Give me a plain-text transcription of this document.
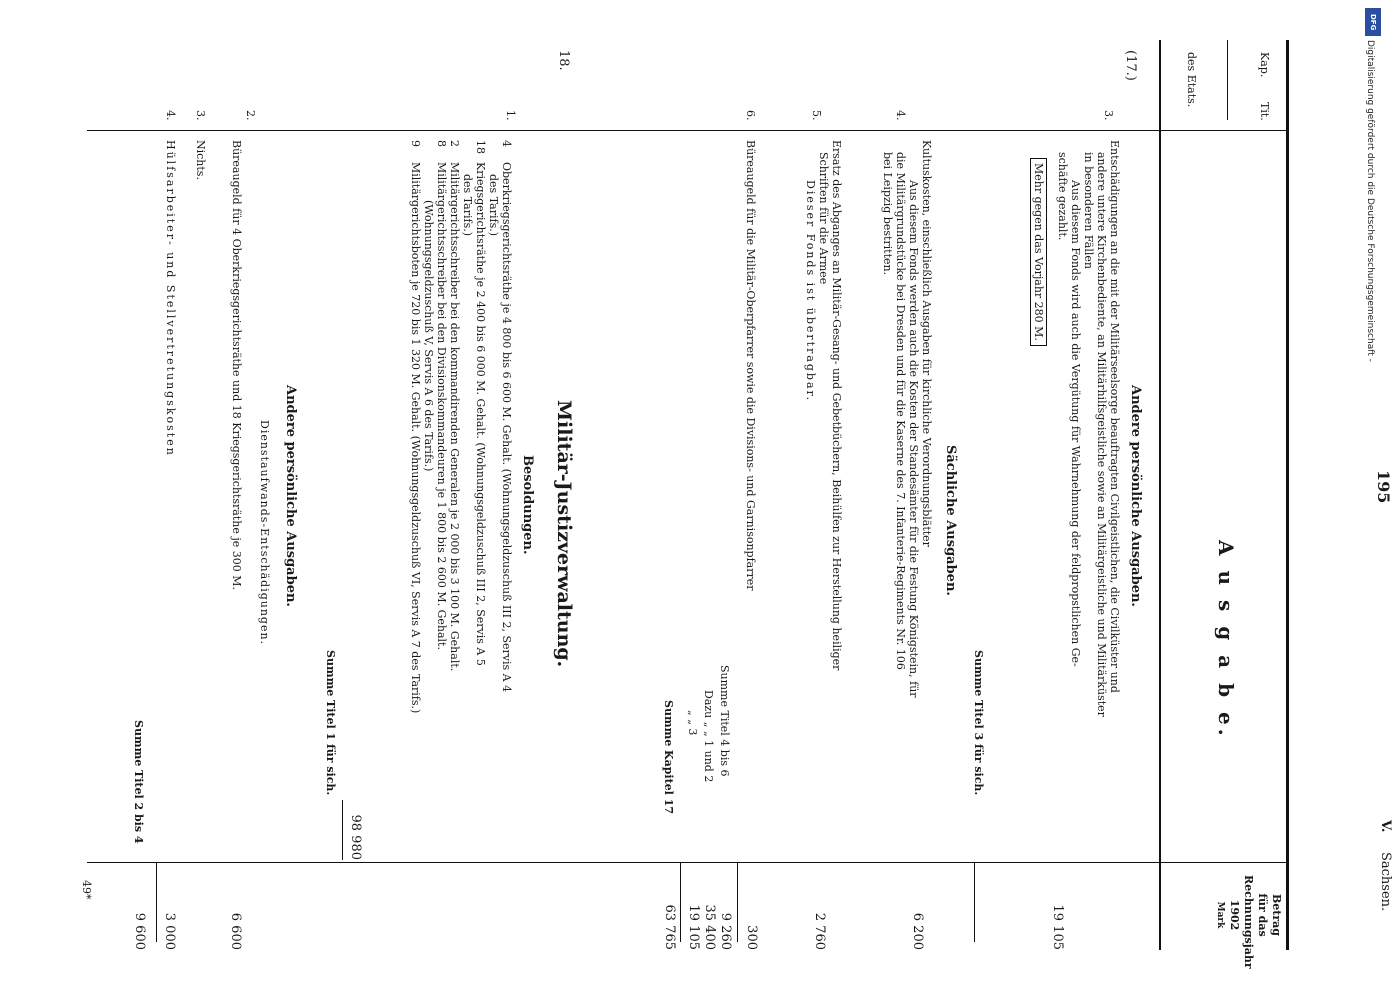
DFG
Digitalisierung gefördert durch die Deutsche Forschungsgemeinschaft -
195
V.
Sachsen.
Kap.
Tit.
des Etats.
A u s g a b e.
Betrag
für das
Rechnungsjahr
1902
Mark
(17.)
Andere persönliche Ausgaben.
3.
Entschädigungen an die mit der Militärseelsorge beauftragten Civilgeistlichen, die Civilküster und
andere untere Kirchenbediente, an Militärhilfsgeistliche sowie an Militärgeistliche und Militärküster
in besonderen Fällen
Aus diesem Fonds wird auch die Vergütung für Wahrnehmung der feldpropstlichen Ge-
schäfte gezahlt.
Mehr gegen das Vorjahr 280 M.
19 105
Summe Titel 3 für sich.
Sächliche Ausgaben.
4.
Kultuskosten, einschließlich Ausgaben für kirchliche Verordnungsblätter
Aus diesem Fonds werden auch die Kosten der Standesämter für die Festung Königstein, für
die Militärgrundstücke bei Dresden und für die Kaserne des 7. Infanterie-Regiments Nr. 106
bei Leipzig bestritten.
6 200
5.
Ersatz des Abganges an Militär-Gesang- und Gebetbüchern, Beihülfen zur Herstellung heiliger
Schriften für die Armee
Dieser Fonds ist übertragbar.
2 760
6.
Büreaugeld für die Militär-Oberpfarrer sowie die Divisions- und Garnisonpfarrer
300
Summe Titel 4 bis 6
9 260
Dazu „ „ 1 und 2
35 400
„ „ 3
19 105
Summe Kapitel 17
63 765
18.
Militär-Justizverwaltung.
Besoldungen.
1.
4Oberkriegsgerichtsräthe je 4 800 bis 6 600 M. Gehalt. (Wohnungsgeldzuschuß III 2, Servis A 4
des Tarifs.)
18Kriegsgerichtsräthe je 2 400 bis 6 000 M. Gehalt. (Wohnungsgeldzuschuß III 2, Servis A 5
des Tarifs.)
2Militärgerichtsschreiber bei den kommandirenden Generalen je 2 000 bis 3 100 M. Gehalt.
8Militärgerichtsschreiber bei den Divisionskommandeuren je 1 800 bis 2 600 M. Gehalt.
(Wohnungsgeldzuschuß V, Servis A 6 des Tarifs.)
9Militärgerichtsboten je 720 bis 1 320 M. Gehalt. (Wohnungsgeldzuschuß VI, Servis A 7 des Tarifs.)
98 980
Summe Titel 1 für sich.
Andere persönliche Ausgaben.
Dienstaufwands-Entschädigungen.
2.
Büreaugeld für 4 Oberkriegsgerichtsräthe und 18 Kriegsgerichtsräthe je 300 M.
6 600
3.
Nichts.
4.
Hülfsarbeiter- und Stellvertretungskosten
3 000
Summe Titel 2 bis 4
9 600
49*
